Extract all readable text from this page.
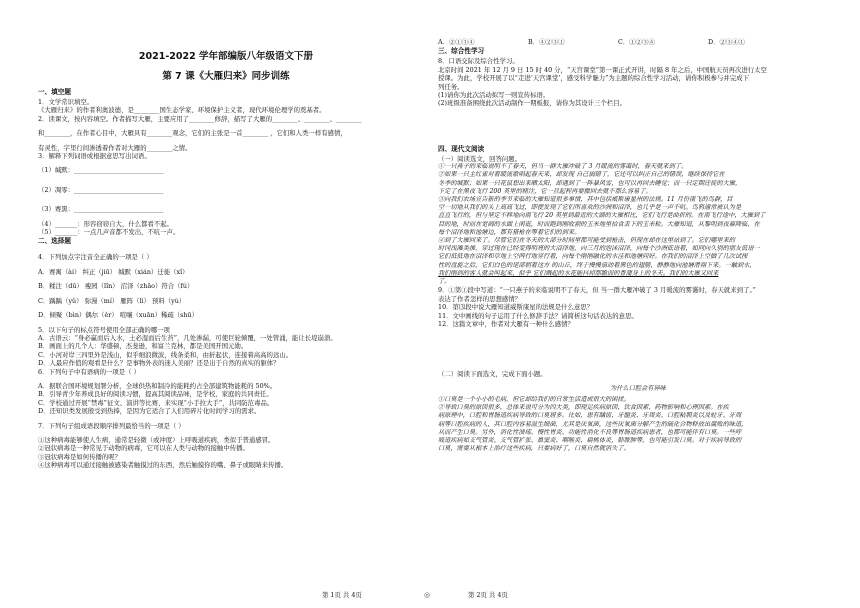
2021-2022 学年部编版八年级语文下册
第 7 课《大雁归来》同步训练
一、填空题

1．文学常识填空。

《大雁归来》的作者利奥波德，是________国生态学家、环境保护主义者，现代环境伦理学的奠基者。

2．读课文，按内容填空。作者描写大雁，主要应用了________修辞，描写了大雁的________、________、________

和________，在作者心目中，大雁具有________观念，它们的主张是一首________ ，它们和人类一样有感情，

有灵性，字里行间渗透着作者对大雁的________之情。

3．解释下列词语或根据意思写出词语。

（1）缄默：____________________________

（2）凋零：____________________________

（3）赛黑：____________________________

（4）_______：形容窃窃自大，什么都看不起。

（5）_______：一点几声音都不发出，不吭一声。

二、选择题

4．下列加点字注音全正确的一项是（ ）

A．赛寓（ài） 纠正（jiū） 缄默（xián）迁徙（xǐ）

B．糅注（dū） 瘦园（lǐn） 沼泽（zhǎo）符合（fú）

C．踽踽（yǔ） 弥漫（mí） 雁阵（lì） 预料（yù）

D．倾聚（bìn）偶尔（ěr） 喧嚷（xuān）稀疏（shū）

5．以下句子的标点符号使用全部正确的哪一项

A．古语云：“身必赢而后入水，土必湿而后生苔”，几处渗漏，可使巨轮倾覆，一处管涌，能让长堤崩溃。

B．画面上的几个人：华盛顿，杰斐逊，和富兰克林，都是美国开国元勋。

C．小河对岸三四里外是浅山，似乎细浪微波，线条柔和，由折起伏，连接着高高的远山。

D．人最应作值的观看是什么？是事物外表的迷人美丽？还是出于自然的真实的躯体？

6．下列句子中有语病的一项是（ ）

A．据联合国环境规划署分析，全球供热和制冷的能耗约占全部建筑物能耗的 50%。

B．引导青少年养成良好的阅读习惯，提高其阅读品味，是学校、家庭的共同责任。

C．学校通过开展“禁毒”征文、演讲等比赛，来实现“小手拉大手”，共同防范毒品。

D．还知识类发展殷受到热捧，是因为它适合了人们用碎片化时间学习的需求。

7．下列句子组成语段顺序排列最恰当的一项是（ ）

①这种病毒能够使人生病，通常是轻微（或冲度）上呼吸道疾病，类似于普通感冒。

②冠状病毒是一种常见于动物的病毒，它可以在人类与动物的接触中传播。

③冠状病毒是如何传播的呢？

④这种病毒可以通过接触被感染者触摸过的东西，然后触摸你的嘴、鼻子或眼睛来传播。

A．②①③④	B．④②③①	C．①②③④	D．②③④①
三、综合性学习

8．口语交际及综合性学习。

北京时间 2021 年 12 月 9 日 15 时 40 分，“天宫课堂”第一课正式开讲，时隔 8 年之后，中国航天员再次进行太空

授课。为此，学校开展了以“走进‘天宫课堂’，感受科学魅力”为主题的综合性学习活动，请你积极参与并完成下

列任务。

(1)请你为此次活动拟写一则宣传标语。

(2)班级准备围绕此次活动制作一期板报，请你为其设计三个栏目。

四、现代文阅读

（一）阅读选文，回答问题。

①一只燕子的来临说明不了春天，但当一群大雁冲破了 3 月暖流的雾霭时，春天就来到了。

②如果一只主红雀对着暖流歌唱起春天来，却发现 自己搞错了，它还可以纠正自己的错误，继续保持它在

冬季的缄默；如果一只花鼠想出来晒太阳，却遇到了一阵暴风雪，也可以再回去睡觉；而一只定期迁徙的大雁，

下定了在黑夜飞行 200 英里的赌注，它一旦起程再要撤回去就不那么容易了。

③向我们农场宣告新的季节来临的大雁知道很多事情，其中包括威斯康星州的法规。11 月份南飞的鸟群，目

空一切地从我们的头上高高飞过，即使发现了它们所喜欢的沙洲和沼泽，也几乎是一声不吭。鸟鸦通常被认为是

直直飞行的，但与坚定不移地向南飞行 20 英里到最近的大湖的大雁相比，它们飞行是曲折的。在南飞行途中，大雁到了

目的地，时而在宽阔的水面上闲逛，时而跑到刚收割的玉米地里拾食丢下的玉米粒。大雁知道，从黎明到夜幕降临，在

每个沼泽地和池塘边，都有猎枪在等着它们的到来。

④到了大雁回来了。尽管它们在冬天的大部分时间里都可能受到枪击，但现在却在这里站到了。它们哪里来的

时冈浅滩类推，穿过现在已经变得明亮的大沼泽地，向三月的泡沫沼泽，向每个沙洲低语着，如同向久别的朋友低语一

它们低低地在沼泽和草地上空两行地穿行着，向每个刚刚融化的水洼和池塘问好。在我们的沼泽上空做了几次试探

性的盘旋之后，它们白色的尾部朝着这方 的山丘，终于慢慢扇动着黑色的翅膀，静静地向池塘滑翔下来。一触到水，

我们刚到的客人就会叫起来，似乎 它们溅起的水花能抖掉那脆弱的香蒲身上的冬天。我们的大雁又回来

了。

9．①第①段中写道：“一只燕子的来临说明不了春天，但 当一群大雁冲破了 3 月暖流的雾霭时，春天就来到了。”

表达了作者怎样的思想感情？

10．第⑶段中说大雁知道威斯康星的法规是什么意思？

11．文中画线的句子运用了什么修辞手法？请简析这句话表达的意思。

12．这篇文章中，作者对大雁有一种什么感情？

（二）阅读下面选文，完成下面小题。

为什么口腔会有异味

①口臭是一个小小的毛病，但它却给我们的日常生活造成很大的困扰。

②导致口臭的原因很多，总体来说可分为四大类，即现足疾病原因、饮食因素、药物影响和心理因素。在疾

病原理中，口腔和胃肠道疾病导致的口臭居多。比如，患有龋齿、牙髓炎、牙周炎、口腔粘膜炎以及蛀牙、牙周

病等口腔疾病的人，其口腔内容易滋生细菌，尤其是厌氧菌，这些厌氧菌分解产生的硫化合物释放出腐败的味道，

从而产生口臭。另外，消化性溃疡、慢性胃炎、功能性消化不良等胃肠道疾病患者，也都可能伴有口臭。一些呼

吸道疾病如支气管炎、支气管扩张、鼻窦炎、咽喉炎、扁桃体炎，肺脓肿等，也可能引发口臭。对于疾病导致的

口臭，需要从根本上治疗这些疾病，只要病好了，口臭自然就消失了。

第 1页 共 4页	◎	第 2页 共 4页
